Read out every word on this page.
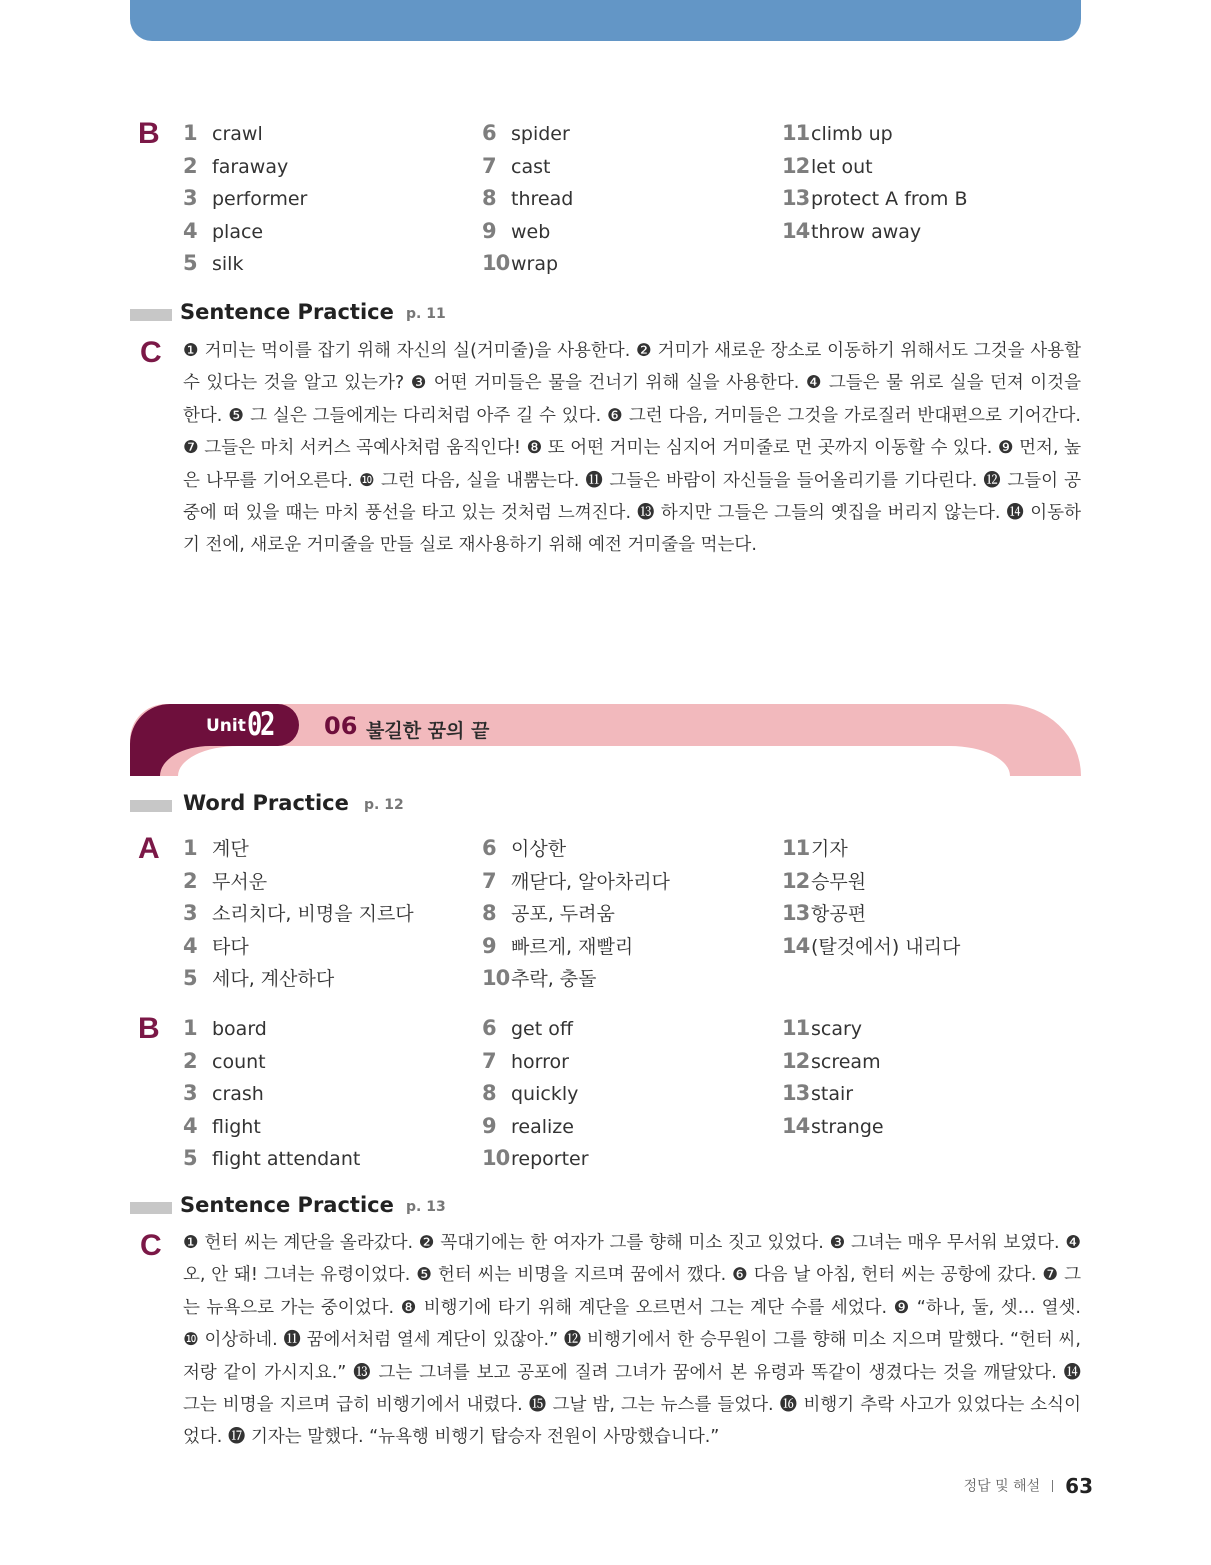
B 1 crawl
2 faraway
3 performer
4 place
5 silk
6 spider
7 cast
8 thread
9 web
10wrap
11climb up
12let out
13protect A from B
14throw away
Sentence Practice p. 11
C ❶ 거미는 먹이를 잡기 위해 자신의 실(거미줄)을 사용한다. ❷ 거미가 새로운 장소로 이동하기 위해서도 그것을 사용할 수 있다는 것을 알고 있는가? ❸ 어떤 거미들은 물을 건너기 위해 실을 사용한다. ❹ 그들은 물 위로 실을 던져 이것을 한다. ❺ 그 실은 그들에게는 다리처럼 아주 길 수 있다. ❻ 그런 다음, 거미들은 그것을 가로질러 반대편으로 기어간다. ❼ 그들은 마치 서커스 곡예사처럼 움직인다! ❽ 또 어떤 거미는 심지어 거미줄로 먼 곳까지 이동할 수 있다. ❾ 먼저, 높은 나무를 기어오른다. ❿ 그런 다음, 실을 내뿜는다. ⓫ 그들은 바람이 자신들을 들어올리기를 기다린다. ⓬ 그들이 공중에 떠 있을 때는 마치 풍선을 타고 있는 것처럼 느껴진다. ⓭ 하지만 그들은 그들의 옛집을 버리지 않는다. ⓮ 이동하기 전에, 새로운 거미줄을 만들 실로 재사용하기 위해 예전 거미줄을 먹는다.

Unit 02 06 불길한 꿈의 끝
Word Practice p. 12
A 1 계단
2 무서운
3 소리치다, 비명을 지르다
4 타다
5 세다, 계산하다
6 이상한
7 깨닫다, 알아차리다
8 공포, 두려움
9 빠르게, 재빨리
10추락, 충돌
11기자
12승무원
13항공편
14(탈것에서) 내리다
B 1 board
2 count
3 crash
4 flight
5 flight attendant
6 get off
7 horror
8 quickly
9 realize
10reporter
11scary
12scream
13stair
14strange
Sentence Practice p. 13
C ❶ 헌터 씨는 계단을 올라갔다. ❷ 꼭대기에는 한 여자가 그를 향해 미소 짓고 있었다. ❸ 그녀는 매우 무서워 보였다. ❹ 오, 안 돼! 그녀는 유령이었다. ❺ 헌터 씨는 비명을 지르며 꿈에서 깼다. ❻ 다음 날 아침, 헌터 씨는 공항에 갔다. ❼ 그는 뉴욕으로 가는 중이었다. ❽ 비행기에 타기 위해 계단을 오르면서 그는 계단 수를 세었다. ❾ “하나, 둘, 셋… 열셋. ❿ 이상하네. ⓫ 꿈에서처럼 열세 계단이 있잖아.” ⓬ 비행기에서 한 승무원이 그를 향해 미소 지으며 말했다. “헌터 씨, 저랑 같이 가시지요.” ⓭ 그는 그녀를 보고 공포에 질려 그녀가 꿈에서 본 유령과 똑같이 생겼다는 것을 깨달았다. ⓮ 그는 비명을 지르며 급히 비행기에서 내렸다. ⓯ 그날 밤, 그는 뉴스를 들었다. ⓰ 비행기 추락 사고가 있었다는 소식이었다. ⓱ 기자는 말했다. “뉴욕행 비행기 탑승자 전원이 사망했습니다.”

정답 및 해설 63
